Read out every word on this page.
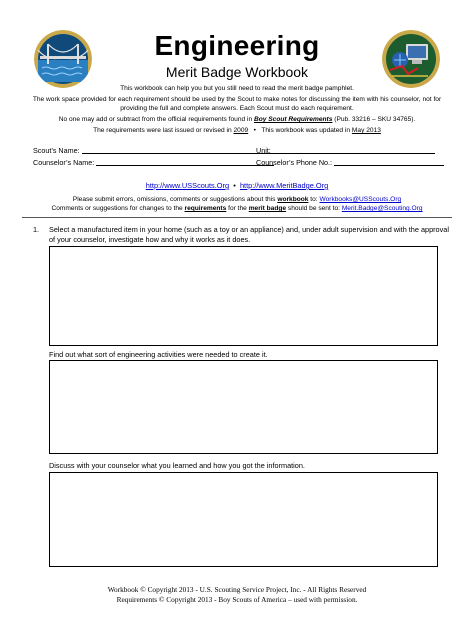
Engineering
Merit Badge Workbook
This workbook can help you but you still need to read the merit badge pamphlet.
The work space provided for each requirement should be used by the Scout to make notes for discussing the item with his counselor, not for
providing the full and complete answers. Each Scout must do each requirement.
No one may add or subtract from the official requirements found in Boy Scout Requirements (Pub. 33216 – SKU 34765).
The requirements were last issued or revised in 2009 • This workbook was updated in May 2013
Scout’s Name:	Unit:
Counselor’s Name:	Counselor’s Phone No.:
http://www.USScouts.Org • http://www.MeritBadge.Org
Please submit errors, omissions, comments or suggestions about this workbook to: Workbooks@USScouts.Org
Comments or suggestions for changes to the requirements for the merit badge should be sent to: Merit.Badge@Scouting.Org
1. Select a manufactured item in your home (such as a toy or an appliance) and, under adult supervision and with the approval
of your counselor, investigate how and why it works as it does.
Find out what sort of engineering activities were needed to create it.
Discuss with your counselor what you learned and how you got the information.
Workbook © Copyright 2013 - U.S. Scouting Service Project, Inc. - All Rights Reserved
Requirements © Copyright 2013 - Boy Scouts of America – used with permission.
